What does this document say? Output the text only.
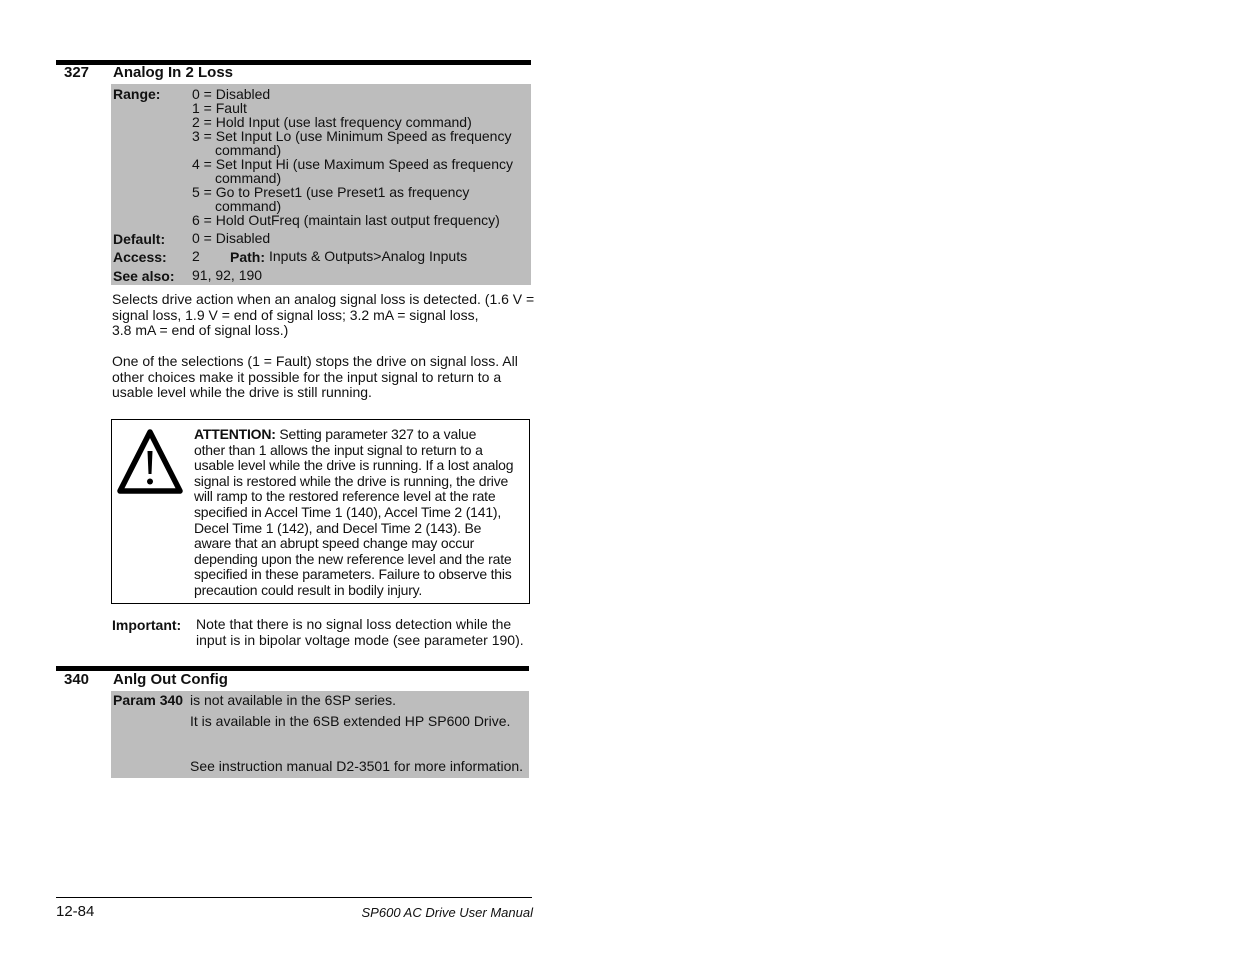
327 Analog In 2 Loss
Range: 0 = Disabled
1 = Fault
2 = Hold Input (use last frequency command)
3 = Set Input Lo (use Minimum Speed as frequency
command)
4 = Set Input Hi (use Maximum Speed as frequency
command)
5 = Go to Preset1 (use Preset1 as frequency
command)
6 = Hold OutFreq (maintain last output frequency)
Default: 0 = Disabled
Access: 2 Path: Inputs & Outputs>Analog Inputs
See also: 91, 92, 190
Selects drive action when an analog signal loss is detected. (1.6 V =
signal loss, 1.9 V = end of signal loss; 3.2 mA = signal loss,
3.8 mA = end of signal loss.)
One of the selections (1 = Fault) stops the drive on signal loss. All
other choices make it possible for the input signal to return to a
usable level while the drive is still running.
ATTENTION: Setting parameter 327 to a value
other than 1 allows the input signal to return to a
usable level while the drive is running. If a lost analog
signal is restored while the drive is running, the drive
will ramp to the restored reference level at the rate
specified in Accel Time 1 (140), Accel Time 2 (141),
Decel Time 1 (142), and Decel Time 2 (143). Be
aware that an abrupt speed change may occur
depending upon the new reference level and the rate
specified in these parameters. Failure to observe this
precaution could result in bodily injury.
Important: Note that there is no signal loss detection while the
input is in bipolar voltage mode (see parameter 190).
340 Anlg Out Config
Param 340 is not available in the 6SP series.
It is available in the 6SB extended HP SP600 Drive.
See instruction manual D2-3501 for more information.
12-84	SP600 AC Drive User Manual
